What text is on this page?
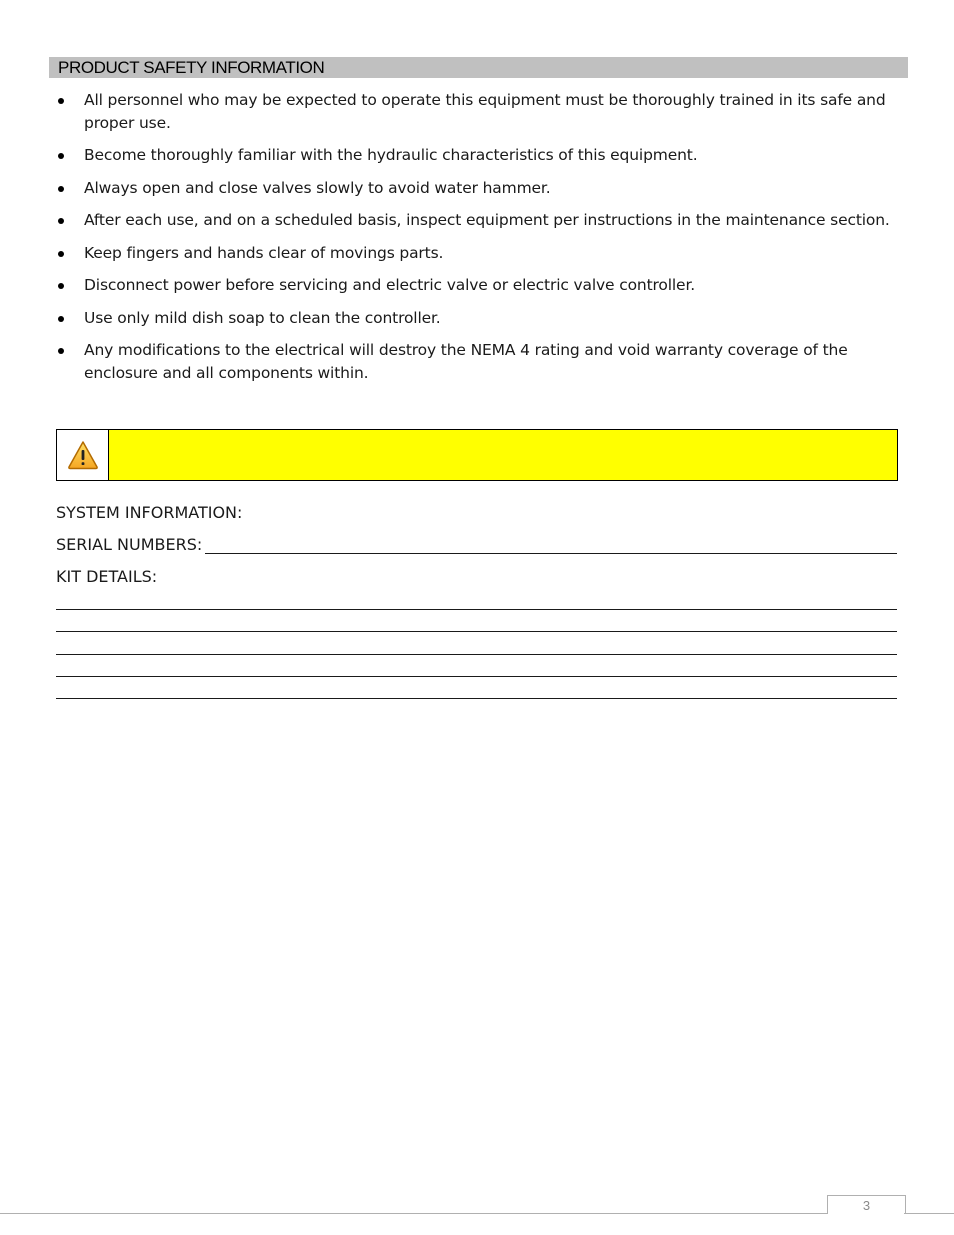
PRODUCT SAFETY INFORMATION
All personnel who may be expected to operate this equipment must be thoroughly trained in its safe and proper use.
Become thoroughly familiar with the hydraulic characteristics of this equipment.
Always open and close valves slowly to avoid water hammer.
After each use, and on a scheduled basis, inspect equipment per instructions in the maintenance section.
Keep fingers and hands clear of movings parts.
Disconnect power before servicing and electric valve or electric valve controller.
Use only mild dish soap to clean the controller.
Any modifications to the electrical will destroy the NEMA 4 rating and void warranty coverage of the enclosure and all components within.
SYSTEM INFORMATION:
SERIAL NUMBERS:
KIT DETAILS:
3
